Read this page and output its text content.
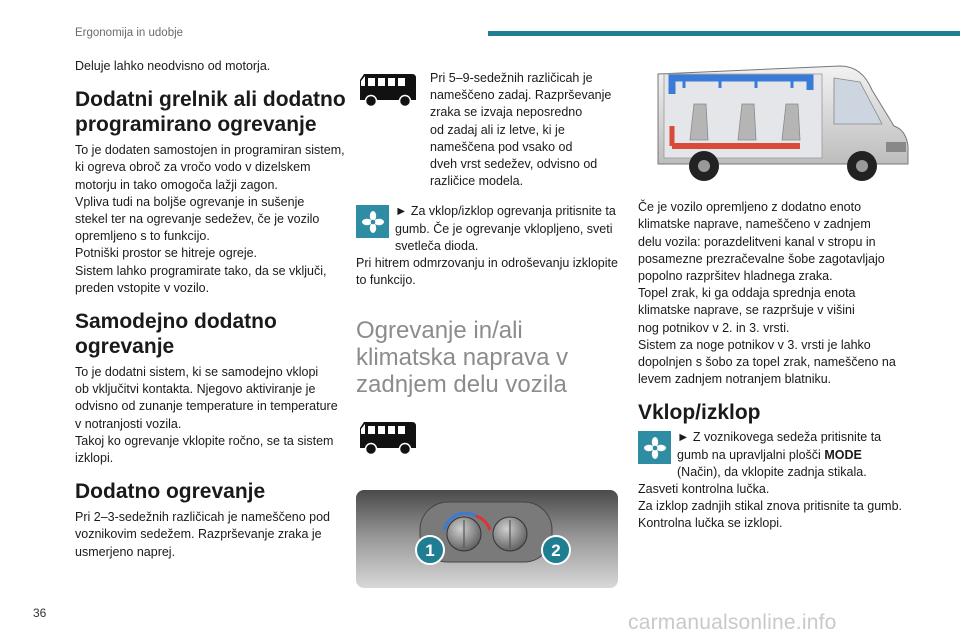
Ergonomija in udobje

Deluje lahko neodvisno od motorja.

Dodatni grelnik ali dodatno programirano ogrevanje

To je dodaten samostojen in programiran sistem,

ki ogreva obroč za vročo vodo v dizelskem

motorju in tako omogoča lažji zagon.

Vpliva tudi na boljše ogrevanje in sušenje

stekel ter na ogrevanje sedežev, če je vozilo

opremljeno s to funkcijo.

Potniški prostor se hitreje ogreje.

Sistem lahko programirate tako, da se vključi,

preden vstopite v vozilo.

Samodejno dodatno ogrevanje

To je dodatni sistem, ki se samodejno vklopi

ob vključitvi kontakta. Njegovo aktiviranje je

odvisno od zunanje temperature in temperature

v notranjosti vozila.

Takoj ko ogrevanje vklopite ročno, se ta sistem

izklopi.

Dodatno ogrevanje

Pri 2–3-sedežnih različicah je nameščeno pod

voznikovim sedežem. Razprševanje zraka je

usmerjeno naprej.

Pri 5–9-sedežnih različicah je

nameščeno zadaj. Razprševanje

zraka se izvaja neposredno

od zadaj ali iz letve, ki je

nameščena pod vsako od

dveh vrst sedežev, odvisno od

različice modela.

► Za vklop/izklop ogrevanja pritisnite ta gumb. Če je ogrevanje vklopljeno, sveti svetleča dioda.

Pri hitrem odmrzovanju in odroševanju izklopite to funkcijo.

Ogrevanje in/ali klimatska naprava v zadnjem delu vozila

1	2

Če je vozilo opremljeno z dodatno enoto

klimatske naprave, nameščeno v zadnjem

delu vozila: porazdelitveni kanal v stropu in

posamezne prezračevalne šobe zagotavljajo

popolno razpršitev hladnega zraka.

Topel zrak, ki ga oddaja sprednja enota

klimatske naprave, se razpršuje v višini

nog potnikov v 2. in 3. vrsti.

Sistem za noge potnikov v 3. vrsti je lahko

dopolnjen s šobo za topel zrak, nameščeno na

levem zadnjem notranjem blatniku.

Vklop/izklop

► Z voznikovega sedeža pritisnite ta gumb na upravljalni plošči MODE (Način), da vklopite zadnja stikala. Zasveti kontrolna lučka.

Za izklop zadnjih stikal znova pritisnite ta gumb.

Kontrolna lučka se izklopi.

36	carmanualsonline.info
